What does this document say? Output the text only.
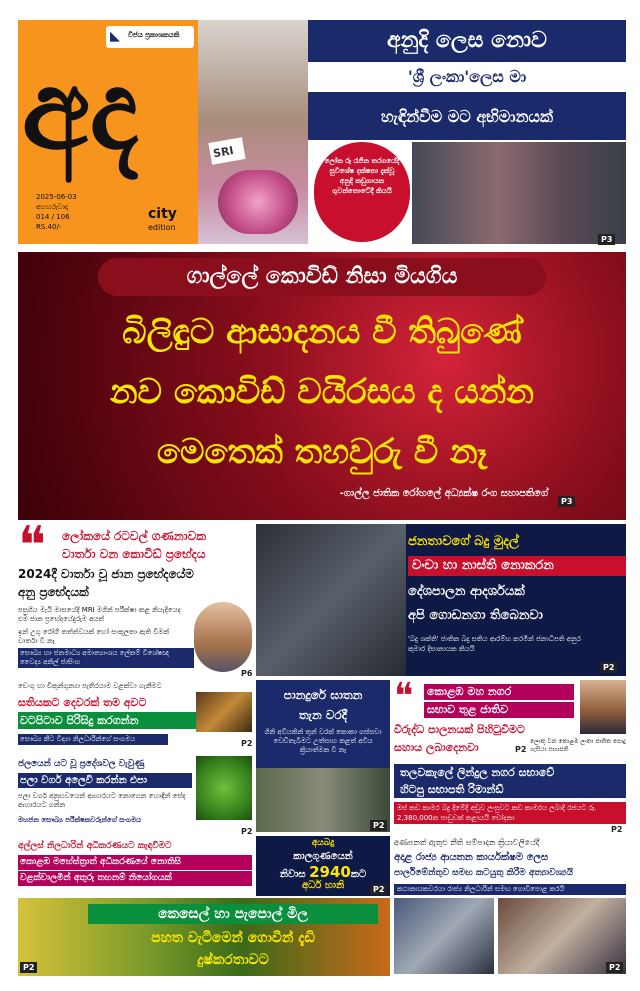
◣ විජය ප්‍රකාශකයකි
අද
city
edition
2025-06-03
අඟහරුවාදා
014 / 106
RS.40/-
SRI
අනුදි ලෙස නොව
'ශ්‍රී ලංකා'ලෙස මා
හැඳින්වීම මට අභිමානයක්
ලෝක රූ රැජින තරගයේදී සුවිශේෂ දක්ෂතා දැක්වූ අනුදි කඩුගායක ගුවන්තොටේදී කියයි
P3
ගාල්ලේ කොවිඩ් නිසා මියගිය
බිලිඳුට ආසාදනය වී තිබුණේ
නව කොවිඩ් වයිරසය ද යන්න
මෙතෙක් තහවුරු වී නෑ
-ගාල්ල ජාතික රෝහලේ අධ්‍යක්ෂ රංග සහාපතිගේ
P3
❝ ලෝකයේ රටවල් ගණනාවක
වාර්තා වන කොවිඩ් ප්‍රභේදය
2024දී වාර්තා වූ ජාන ප්‍රභේදයේම
අනු ප්‍රභේදයක්
පසුගිය මැයි මාසයේදී MRI මගින් පරීක්ෂා කළ නියැදියෙද එම ජාන ප්‍රභේදයේදුරුම අයත්
ඉන් උගු රෝගී තත්ත්වයක් හෝ සංකූලතා ඇති වීමක් වාර්තා වී නෑ
සෞඛ්‍ය හා ජනමාධ්‍ය අමාත්‍යාංශය ලේකම් විශේෂඥ වෛද්‍ය අනිල් ජාසිංහ
P6
ජනතාවගේ බදු මුදල්
වංචා හා නාස්ති නොකරන
දේශපාලන ආදර්ශයක්
අපි ගොඩනගා තිබෙනවා
'බදු ශක්ති' ජාතික බදු සතිය ආරම්භ කරමින් ජනාධිපති අනුර කුමාර දිසානායක කියයි
P2
ඩෙංගු හා චිකුන්ගුන්‍යා පැතිරයාම වළක්වා ගැනීමට
සතියකට දෙවරක් තම අවට
වටපිටාව පිරිසිදු කරගන්න
සෞඛ්‍ය කීට විද්‍යා නිලධාරින්ගේ සංගමය	P2
ජලයෙන් යට වූ ප්‍රදේශවල වැවුණු
පලා වර්ග අලෙවි කරන්න එපා
පලා වර්ග අනුභවයෙන් ආහාරයට නොගෙන හොඳින් සේද ආහාරයට ගන්න
මහජන සෞඛ්‍ය පරීක්ෂකවරුන්ගේ සංගමය
P2
පානදුරේ ඝාතන
තැන වරදී
ගිනි අවියකින් තුන් වරක් කොකා ගස්සවා වෙඩ්තැබීමට උත්සාහ කළත් අවිය ක්‍රියාත්මක වී නෑ
P2
❝ කොළඹ මහ නගර
සභාව තුළ ජාතිව
විරුද්ධ පාලනයක් පිහිටුවීමට
සහාය ලබාදෙනවා	ලොකු වන කොළඹ ලංකා ජාතික පොදු ගැසියා සභාපති
P2
තලවකැලේ ලින්දුල නගර සභාවේ
හිටපු සභාපති රිමාන්ඩ්
මස් කඩ කාමර බදු දීමේදී අඩුව ලංසුවට කඩ කාමරය ලබාදී රජයට රු. 2,380,000ක පාඩුවක් කළායයි චෝදනා
P2
අල්ලස් නිලධාරින් අධිකරණයට කැඳවීමට
කොළඹ මහේස්ත්‍රාත් අධිකරණයේ නොතිසි
වළක්වාලමින් අතුරු තහනම් නියෝගයක්
අයබදු
කාලගුණයෙන්
නිවාස 2940කට
අර්ධ හානි	P2
අණපනත් ඇතුළු නීති සම්පාදන ක්‍රියාවලියේදී
අදාළ රාජ්‍ය ආයතන කාර්යක්ෂම ලෙස
පාර්ලිමේන්තුව සමඟ කටයුතු කිරීම අත්‍යාවශ්‍යයි
කථානායකවරයා රාජ්‍ය නිලධාරින් සමඟ ගොවිපොළ කරයි
P2
කෙසෙල් හා පැපොල් මිල
පහත වැටීමෙන් ගොවීන් දැඩි
දුෂ්කරතාවට
P2
